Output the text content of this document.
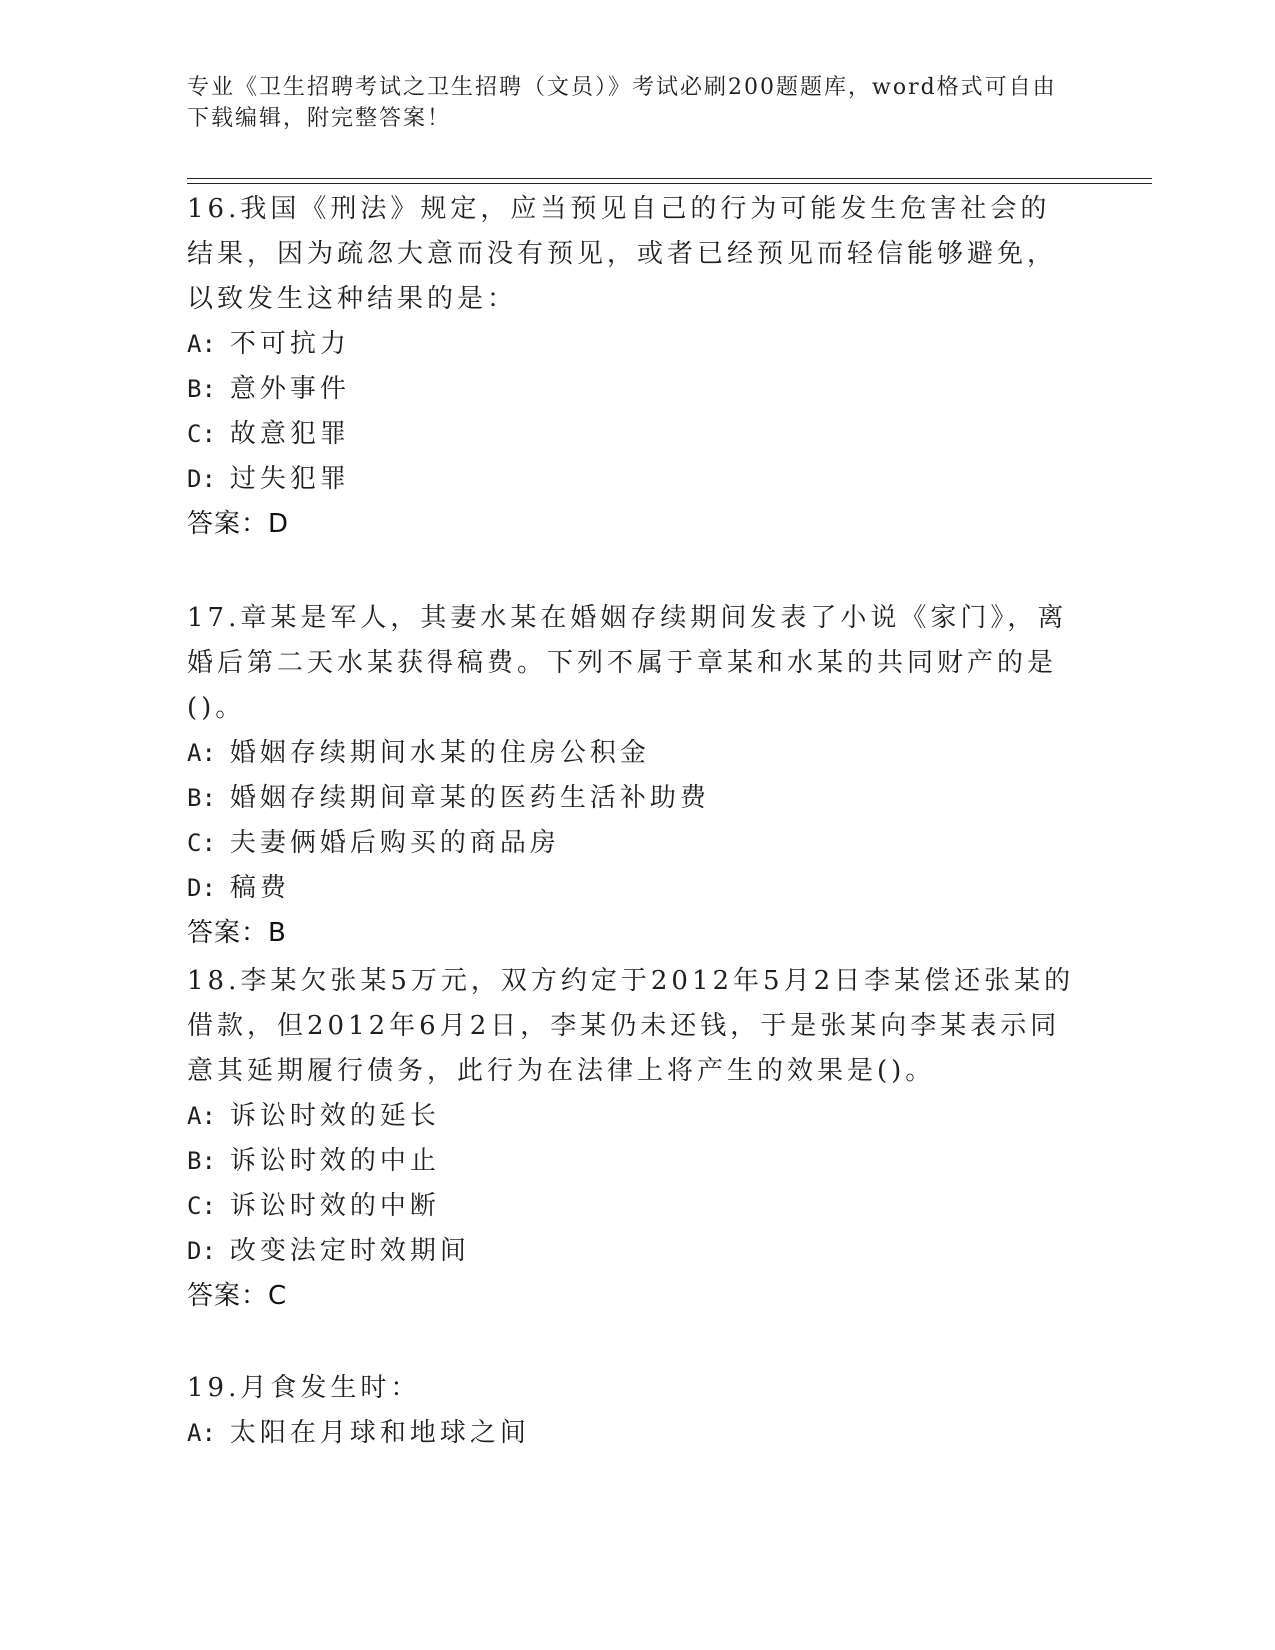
专业《卫生招聘考试之卫生招聘（文员）》考试必刷200题题库，word格式可自由下载编辑，附完整答案！
16.我国《刑法》规定，应当预见自己的行为可能发生危害社会的结果，因为疏忽大意而没有预见，或者已经预见而轻信能够避免，以致发生这种结果的是：
A: 不可抗力
B: 意外事件
C: 故意犯罪
D: 过失犯罪
答案：D
17.章某是军人，其妻水某在婚姻存续期间发表了小说《家门》，离婚后第二天水某获得稿费。下列不属于章某和水某的共同财产的是()。
A: 婚姻存续期间水某的住房公积金
B: 婚姻存续期间章某的医药生活补助费
C: 夫妻俩婚后购买的商品房
D: 稿费
答案：B
18.李某欠张某5万元，双方约定于2012年5月2日李某偿还张某的借款，但2012年6月2日，李某仍未还钱，于是张某向李某表示同意其延期履行债务，此行为在法律上将产生的效果是()。
A: 诉讼时效的延长
B: 诉讼时效的中止
C: 诉讼时效的中断
D: 改变法定时效期间
答案：C
19.月食发生时：
A: 太阳在月球和地球之间
